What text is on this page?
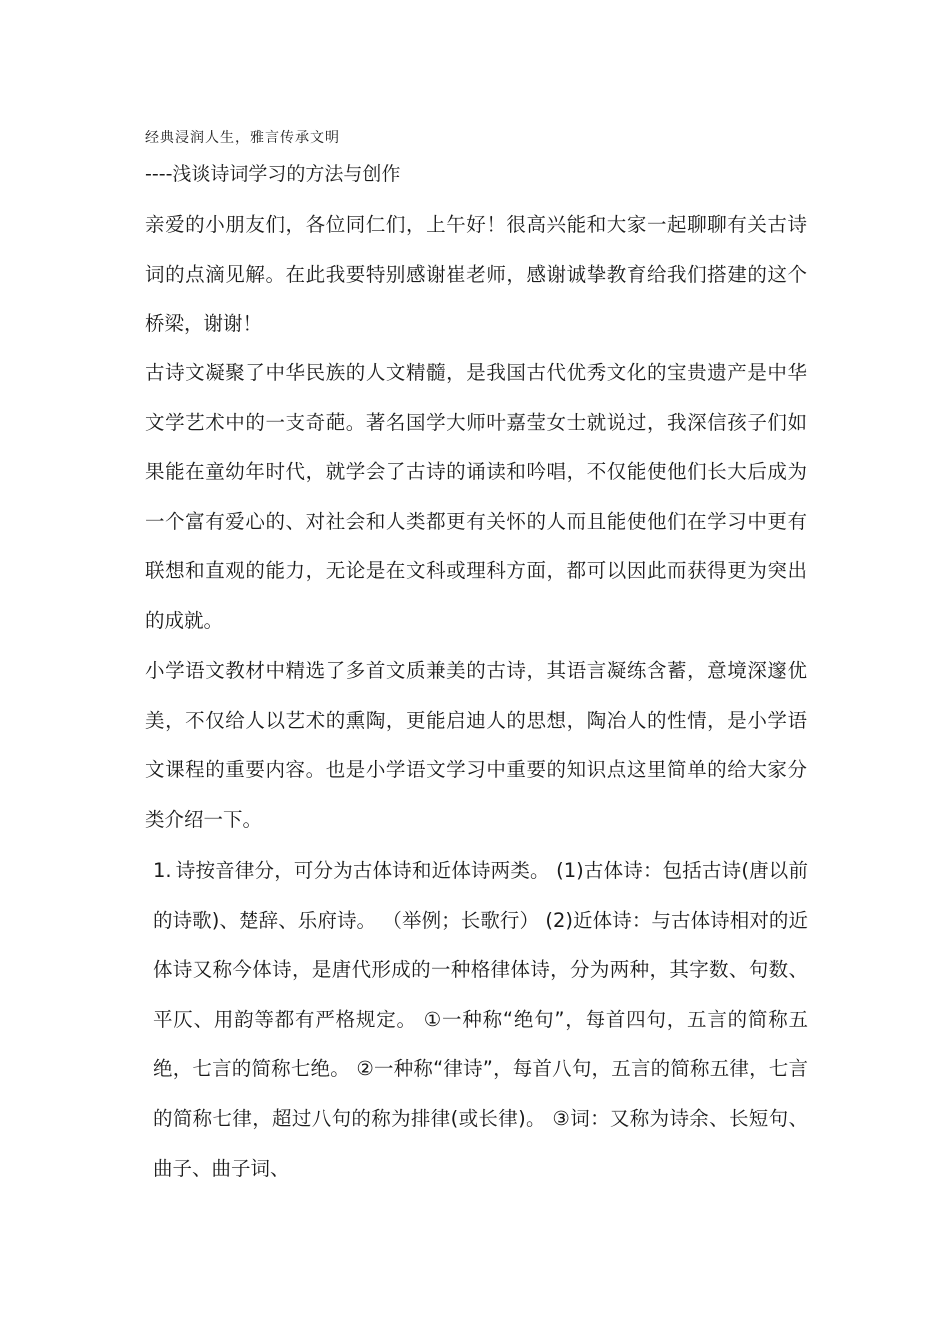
经典浸润人生，雅言传承文明
----浅谈诗词学习的方法与创作
亲爱的小朋友们，各位同仁们，上午好！很高兴能和大家一起聊聊有关古诗词的点滴见解。在此我要特别感谢崔老师，感谢诚挚教育给我们搭建的这个桥梁，谢谢！
古诗文凝聚了中华民族的人文精髓，是我国古代优秀文化的宝贵遗产是中华文学艺术中的一支奇葩。著名国学大师叶嘉莹女士就说过，我深信孩子们如果能在童幼年时代，就学会了古诗的诵读和吟唱，不仅能使他们长大后成为一个富有爱心的、对社会和人类都更有关怀的人而且能使他们在学习中更有联想和直观的能力，无论是在文科或理科方面，都可以因此而获得更为突出的成就。
小学语文教材中精选了多首文质兼美的古诗，其语言凝练含蓄，意境深邃优美，不仅给人以艺术的熏陶，更能启迪人的思想，陶冶人的性情，是小学语文课程的重要内容。也是小学语文学习中重要的知识点这里简单的给大家分类介绍一下。
1. 诗按音律分，可分为古体诗和近体诗两类。 (1)古体诗：包括古诗(唐以前的诗歌)、楚辞、乐府诗。 （举例；长歌行） (2)近体诗：与古体诗相对的近体诗又称今体诗，是唐代形成的一种格律体诗，分为两种，其字数、句数、平仄、用韵等都有严格规定。 ①一种称“绝句”，每首四句，五言的简称五绝，七言的简称七绝。 ②一种称“律诗”，每首八句，五言的简称五律，七言的简称七律，超过八句的称为排律(或长律)。 ③词：又称为诗余、长短句、曲子、曲子词、
